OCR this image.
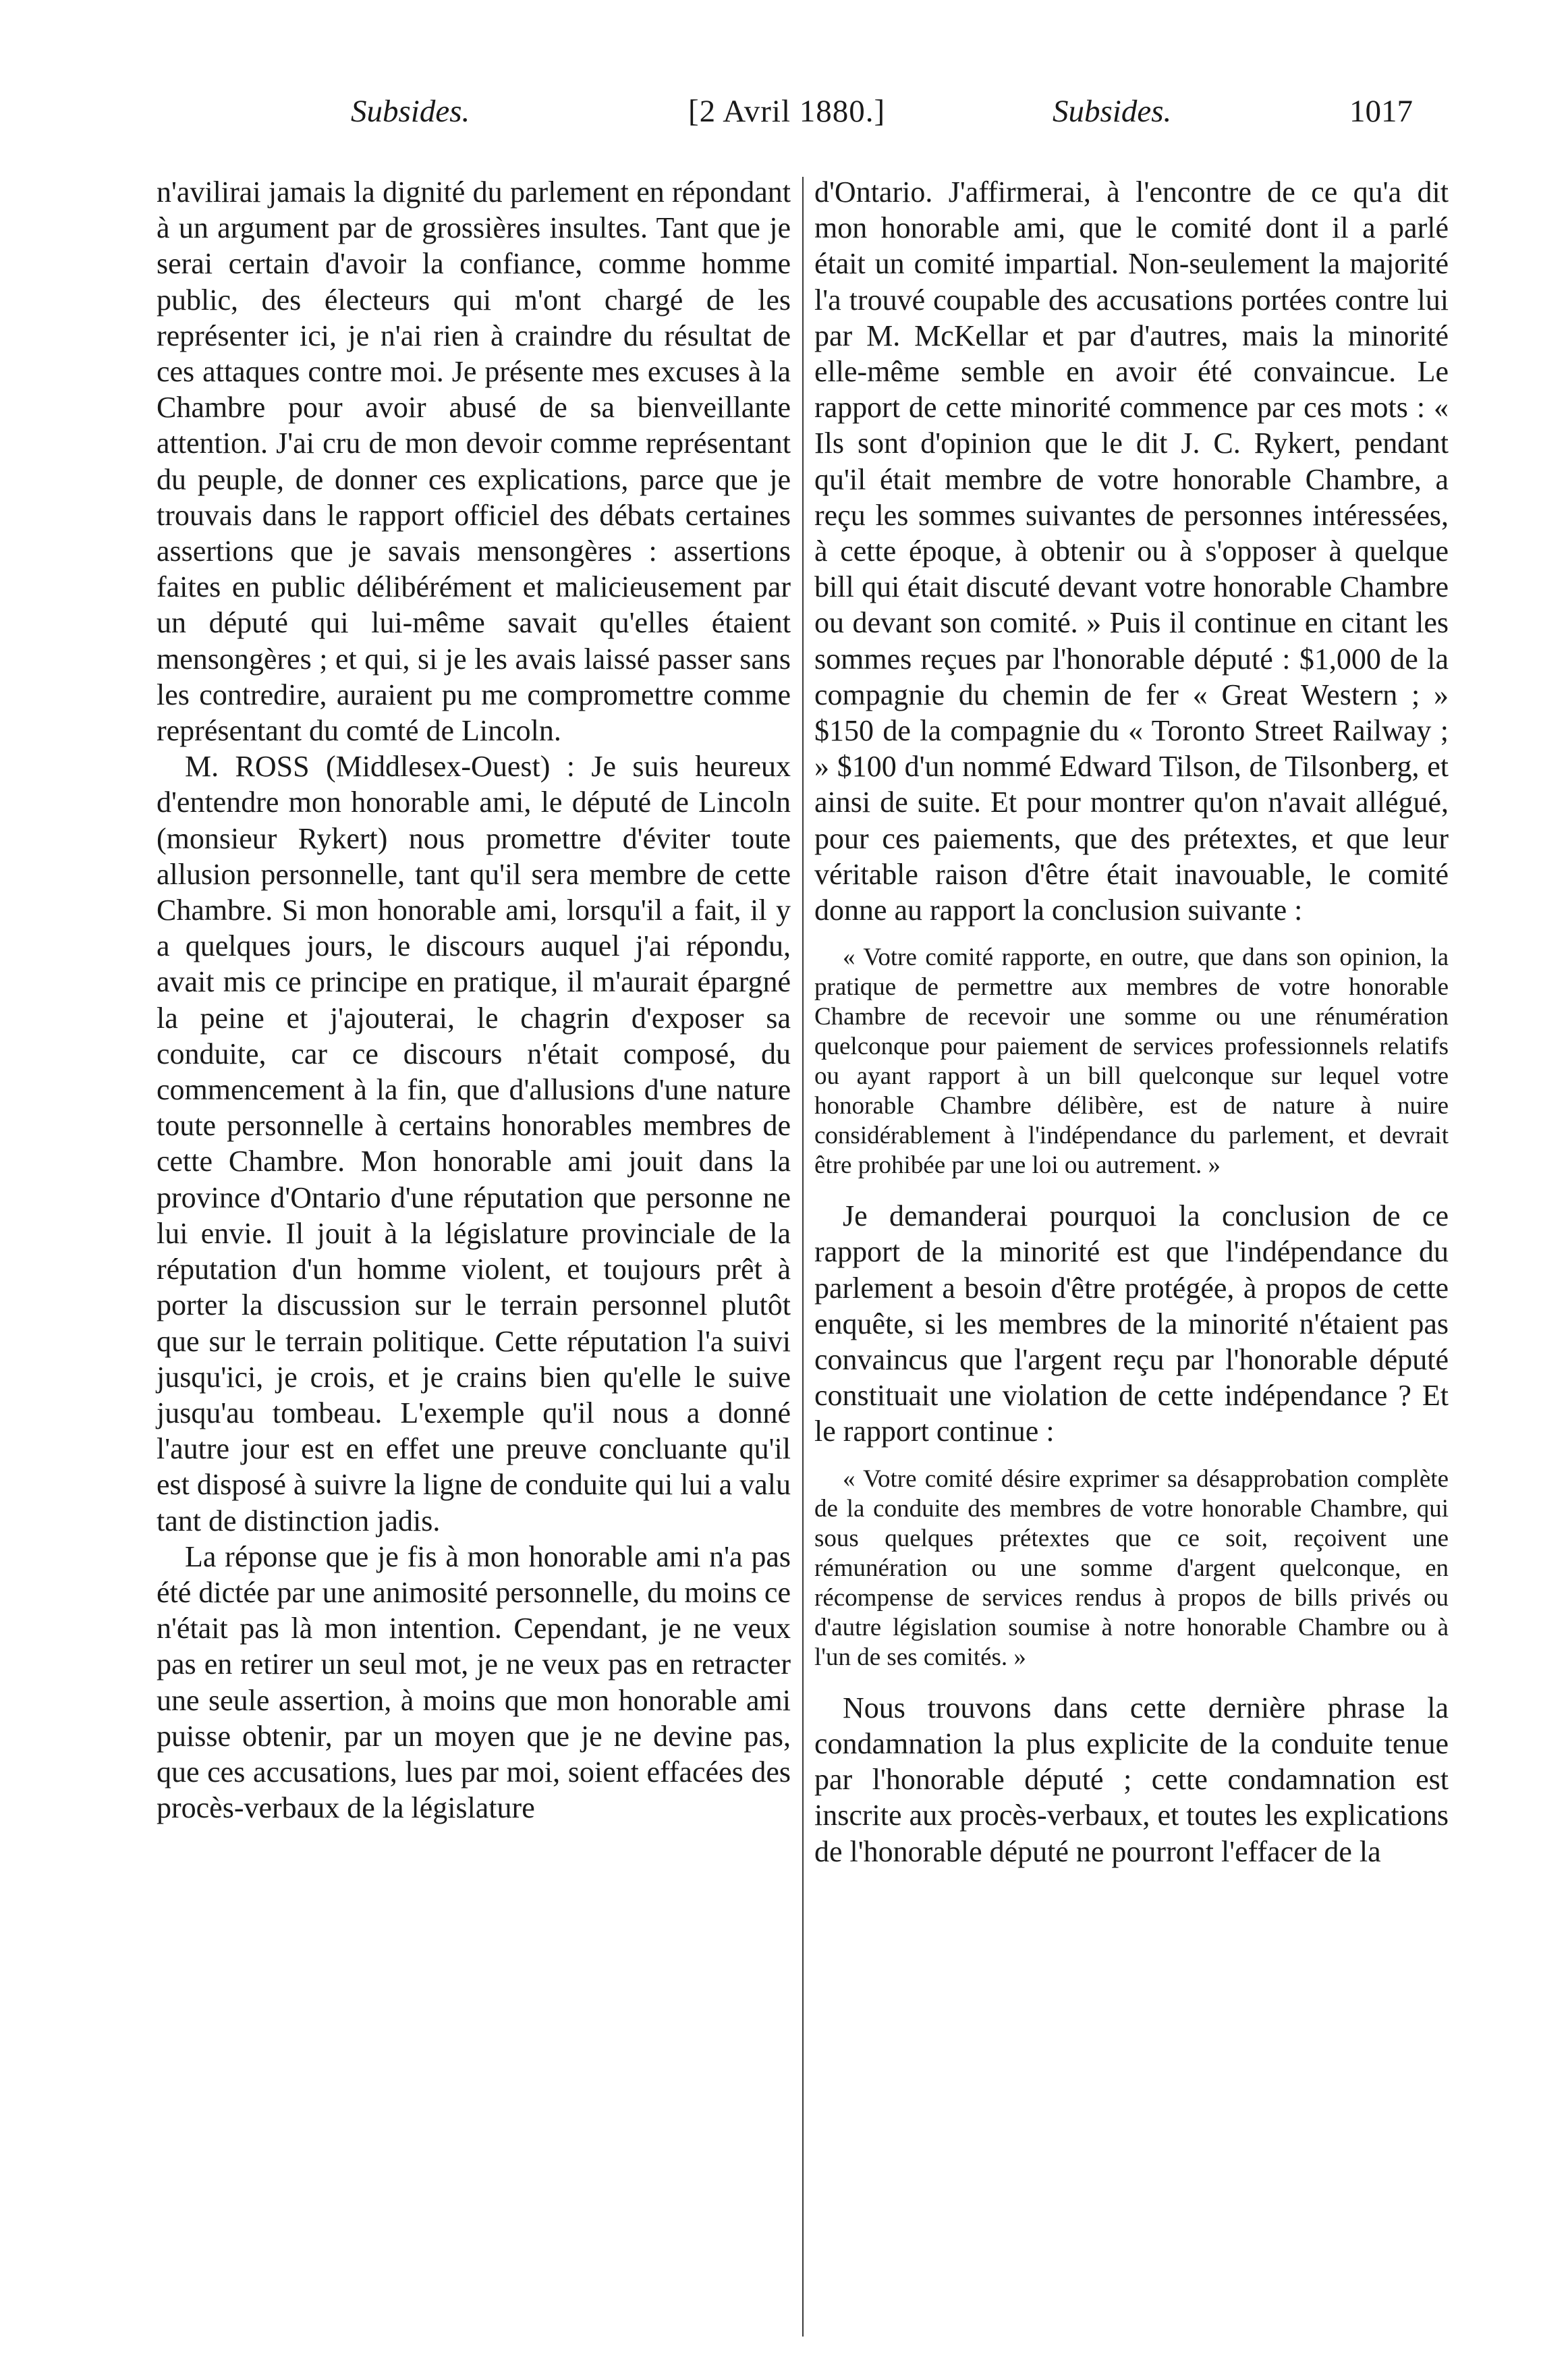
Subsides.	[2 Avril 1880.]	Subsides.	1017

n'avilirai jamais la dignité du parlement en répondant à un argument par de grossières insultes. Tant que je serai certain d'avoir la confiance, comme homme public, des électeurs qui m'ont chargé de les représenter ici, je n'ai rien à craindre du résultat de ces attaques contre moi. Je présente mes excuses à la Chambre pour avoir abusé de sa bienveillante attention. J'ai cru de mon devoir comme représentant du peuple, de donner ces explications, parce que je trouvais dans le rapport officiel des débats certaines assertions que je savais mensongères : assertions faites en public délibérément et malicieusement par un député qui lui-même savait qu'elles étaient mensongères ; et qui, si je les avais laissé passer sans les contredire, auraient pu me compromettre comme représentant du comté de Lincoln.

M. ROSS (Middlesex-Ouest) : Je suis heureux d'entendre mon honorable ami, le député de Lincoln (monsieur Rykert) nous promettre d'éviter toute allusion personnelle, tant qu'il sera membre de cette Chambre. Si mon honorable ami, lorsqu'il a fait, il y a quelques jours, le discours auquel j'ai répondu, avait mis ce principe en pratique, il m'aurait épargné la peine et j'ajouterai, le chagrin d'exposer sa conduite, car ce discours n'était composé, du commencement à la fin, que d'allusions d'une nature toute personnelle à certains honorables membres de cette Chambre. Mon honorable ami jouit dans la province d'Ontario d'une réputation que personne ne lui envie. Il jouit à la législature provinciale de la réputation d'un homme violent, et toujours prêt à porter la discussion sur le terrain personnel plutôt que sur le terrain politique. Cette réputation l'a suivi jusqu'ici, je crois, et je crains bien qu'elle le suive jusqu'au tombeau. L'exemple qu'il nous a donné l'autre jour est en effet une preuve concluante qu'il est disposé à suivre la ligne de conduite qui lui a valu tant de distinction jadis.

La réponse que je fis à mon honorable ami n'a pas été dictée par une animosité personnelle, du moins ce n'était pas là mon intention. Cependant, je ne veux pas en retirer un seul mot, je ne veux pas en retracter une seule assertion, à moins que mon honorable ami puisse obtenir, par un moyen que je ne devine pas, que ces accusations, lues par moi, soient effacées des procès-verbaux de la législature

d'Ontario. J'affirmerai, à l'encontre de ce qu'a dit mon honorable ami, que le comité dont il a parlé était un comité impartial. Non-seulement la majorité l'a trouvé coupable des accusations portées contre lui par M. McKellar et par d'autres, mais la minorité elle-même semble en avoir été convaincue. Le rapport de cette minorité commence par ces mots : « Ils sont d'opinion que le dit J. C. Rykert, pendant qu'il était membre de votre honorable Chambre, a reçu les sommes suivantes de personnes intéressées, à cette époque, à obtenir ou à s'opposer à quelque bill qui était discuté devant votre honorable Chambre ou devant son comité. » Puis il continue en citant les sommes reçues par l'honorable député : $1,000 de la compagnie du chemin de fer « Great Western ; » $150 de la compagnie du « Toronto Street Railway ; » $100 d'un nommé Edward Tilson, de Tilsonberg, et ainsi de suite. Et pour montrer qu'on n'avait allégué, pour ces paiements, que des prétextes, et que leur véritable raison d'être était inavouable, le comité donne au rapport la conclusion suivante :

« Votre comité rapporte, en outre, que dans son opinion, la pratique de permettre aux membres de votre honorable Chambre de recevoir une somme ou une rénumération quelconque pour paiement de services professionnels relatifs ou ayant rapport à un bill quelconque sur lequel votre honorable Chambre délibère, est de nature à nuire considérablement à l'indépendance du parlement, et devrait être prohibée par une loi ou autrement. »

Je demanderai pourquoi la conclusion de ce rapport de la minorité est que l'indépendance du parlement a besoin d'être protégée, à propos de cette enquête, si les membres de la minorité n'étaient pas convaincus que l'argent reçu par l'honorable député constituait une violation de cette indépendance ? Et le rapport continue :

« Votre comité désire exprimer sa désapprobation complète de la conduite des membres de votre honorable Chambre, qui sous quelques prétextes que ce soit, reçoivent une rémunération ou une somme d'argent quelconque, en récompense de services rendus à propos de bills privés ou d'autre législation soumise à notre honorable Chambre ou à l'un de ses comités. »

Nous trouvons dans cette dernière phrase la condamnation la plus explicite de la conduite tenue par l'honorable député ; cette condamnation est inscrite aux procès-verbaux, et toutes les explications de l'honorable député ne pourront l'effacer de la
